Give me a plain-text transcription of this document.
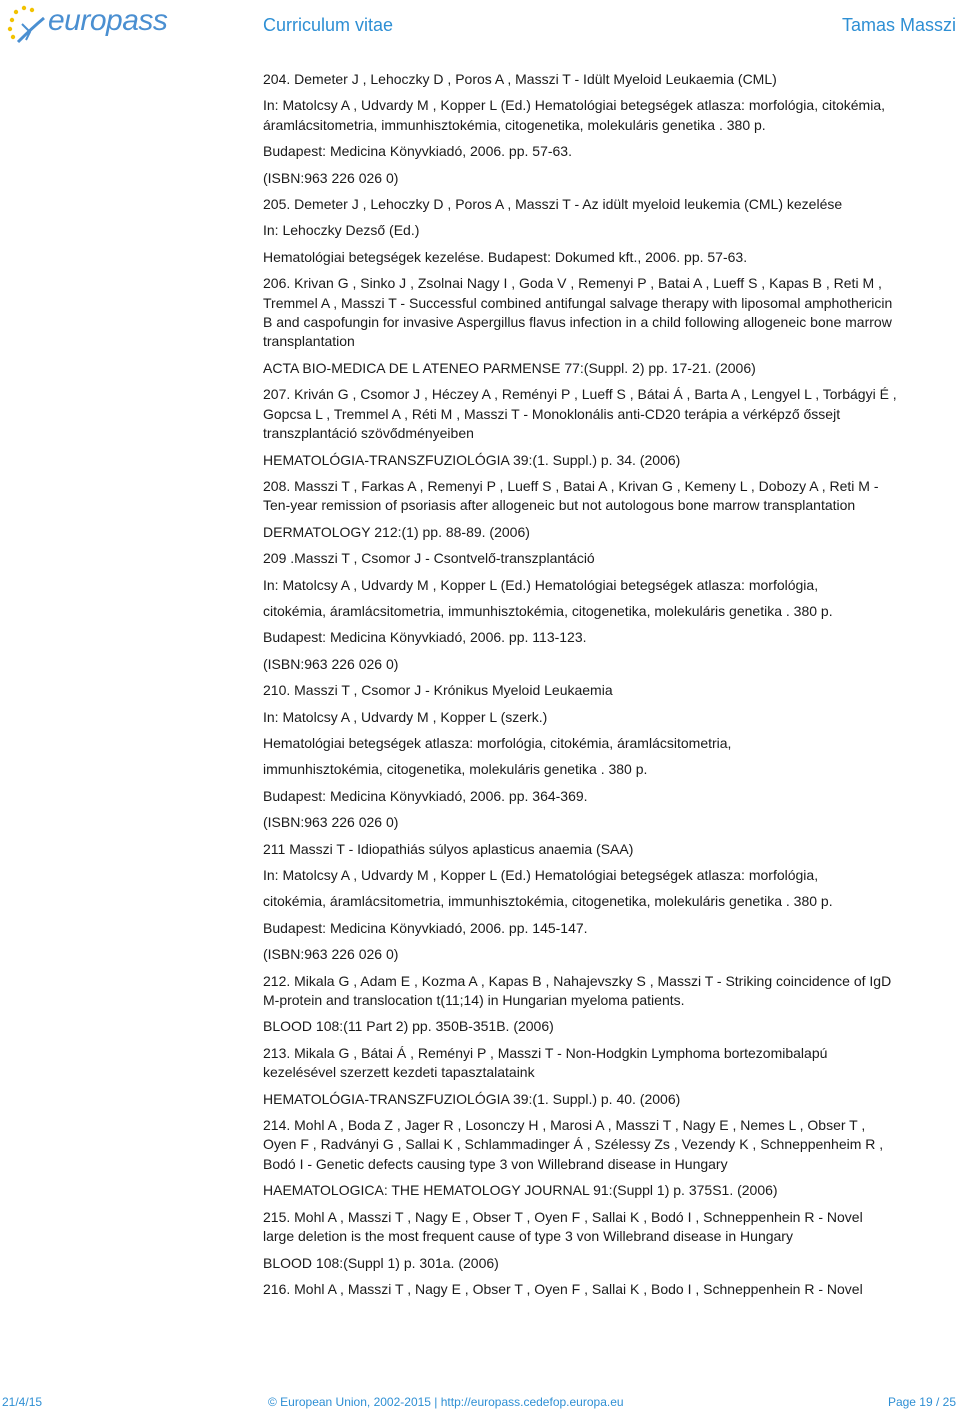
europass	Curriculum vitae	Tamas Masszi
204. Demeter J , Lehoczky D , Poros A , Masszi T - Idült Myeloid Leukaemia (CML)
In: Matolcsy A , Udvardy M , Kopper L (Ed.) Hematológiai betegségek atlasza: morfológia, citokémia,
áramlácsitometria, immunhisztokémia, citogenetika, molekuláris genetika . 380 p.
Budapest: Medicina Könyvkiadó, 2006. pp. 57-63.
(ISBN:963 226 026 0)
205. Demeter J , Lehoczky D , Poros A , Masszi T - Az idült myeloid leukemia (CML) kezelése
In: Lehoczky Dezső (Ed.)
Hematológiai betegségek kezelése. Budapest: Dokumed kft., 2006. pp. 57-63.
206. Krivan G , Sinko J , Zsolnai Nagy I , Goda V , Remenyi P , Batai A , Lueff S , Kapas B , Reti M ,
Tremmel A , Masszi T - Successful combined antifungal salvage therapy with liposomal amphothericin
B and caspofungin for invasive Aspergillus flavus infection in a child following allogeneic bone marrow
transplantation
ACTA BIO-MEDICA DE L ATENEO PARMENSE 77:(Suppl. 2) pp. 17-21. (2006)
207. Kriván G , Csomor J , Héczey A , Reményi P , Lueff S , Bátai Á , Barta A , Lengyel L , Torbágyi É ,
Gopcsa L , Tremmel A , Réti M , Masszi T - Monoklonális anti-CD20 terápia a vérképző őssejt
transzplantáció szövődményeiben
HEMATOLÓGIA-TRANSZFUZIOLÓGIA 39:(1. Suppl.) p. 34. (2006)
208. Masszi T , Farkas A , Remenyi P , Lueff S , Batai A , Krivan G , Kemeny L , Dobozy A , Reti M -
Ten-year remission of psoriasis after allogeneic but not autologous bone marrow transplantation
DERMATOLOGY 212:(1) pp. 88-89. (2006)
209 .Masszi T , Csomor J - Csontvelő-transzplantáció
In: Matolcsy A , Udvardy M , Kopper L (Ed.) Hematológiai betegségek atlasza: morfológia,
citokémia, áramlácsitometria, immunhisztokémia, citogenetika, molekuláris genetika . 380 p.
Budapest: Medicina Könyvkiadó, 2006. pp. 113-123.
(ISBN:963 226 026 0)
210. Masszi T , Csomor J - Krónikus Myeloid Leukaemia
In: Matolcsy A , Udvardy M , Kopper L (szerk.)
Hematológiai betegségek atlasza: morfológia, citokémia, áramlácsitometria,
immunhisztokémia, citogenetika, molekuláris genetika . 380 p.
Budapest: Medicina Könyvkiadó, 2006. pp. 364-369.
(ISBN:963 226 026 0)
211 Masszi T - Idiopathiás súlyos aplasticus anaemia (SAA)
In: Matolcsy A , Udvardy M , Kopper L (Ed.) Hematológiai betegségek atlasza: morfológia,
citokémia, áramlácsitometria, immunhisztokémia, citogenetika, molekuláris genetika . 380 p.
Budapest: Medicina Könyvkiadó, 2006. pp. 145-147.
(ISBN:963 226 026 0)
212. Mikala G , Adam E , Kozma A , Kapas B , Nahajevszky S , Masszi T - Striking coincidence of IgD
M-protein and translocation t(11;14) in Hungarian myeloma patients.
BLOOD 108:(11 Part 2) pp. 350B-351B. (2006)
213. Mikala G , Bátai Á , Reményi P , Masszi T - Non-Hodgkin Lymphoma bortezomibalapú
kezelésével szerzett kezdeti tapasztalataink
HEMATOLÓGIA-TRANSZFUZIOLÓGIA 39:(1. Suppl.) p. 40. (2006)
214. Mohl A , Boda Z , Jager R , Losonczy H , Marosi A , Masszi T , Nagy E , Nemes L , Obser T ,
Oyen F , Radványi G , Sallai K , Schlammadinger Á , Szélessy Zs , Vezendy K , Schneppenheim R ,
Bodó I - Genetic defects causing type 3 von Willebrand disease in Hungary
HAEMATOLOGICA: THE HEMATOLOGY JOURNAL 91:(Suppl 1) p. 375S1. (2006)
215. Mohl A , Masszi T , Nagy E , Obser T , Oyen F , Sallai K , Bodó I , Schneppenhein R - Novel
large deletion is the most frequent cause of type 3 von Willebrand disease in Hungary
BLOOD 108:(Suppl 1) p. 301a. (2006)
216. Mohl A , Masszi T , Nagy E , Obser T , Oyen F , Sallai K , Bodo I , Schneppenhein R - Novel
21/4/15	© European Union, 2002-2015 | http://europass.cedefop.europa.eu	Page 19 / 25
